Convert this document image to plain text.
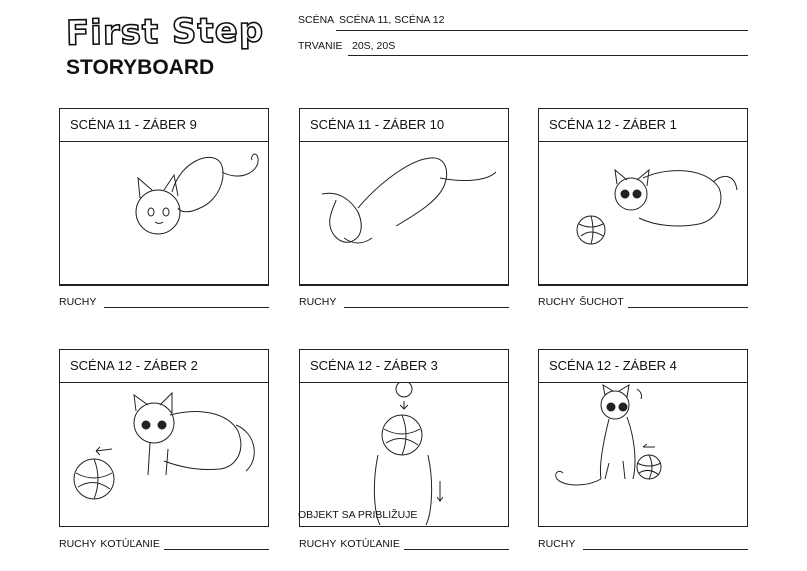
First Step
STORYBOARD
SCÉNA SCÉNA 11, SCÉNA 12
TRVANIE 20S, 20S
SCÉNA 11 - ZÁBER 9
RUCHY
SCÉNA 11 - ZÁBER 10
RUCHY
SCÉNA 12 - ZÁBER 1
RUCHY ŠUCHOT
SCÉNA 12 - ZÁBER 2
RUCHY KOTÚĽANIE
SCÉNA 12 - ZÁBER 3
OBJEKT SA PRIBLIŽUJE
RUCHY KOTÚĽANIE
SCÉNA 12 - ZÁBER 4
RUCHY
